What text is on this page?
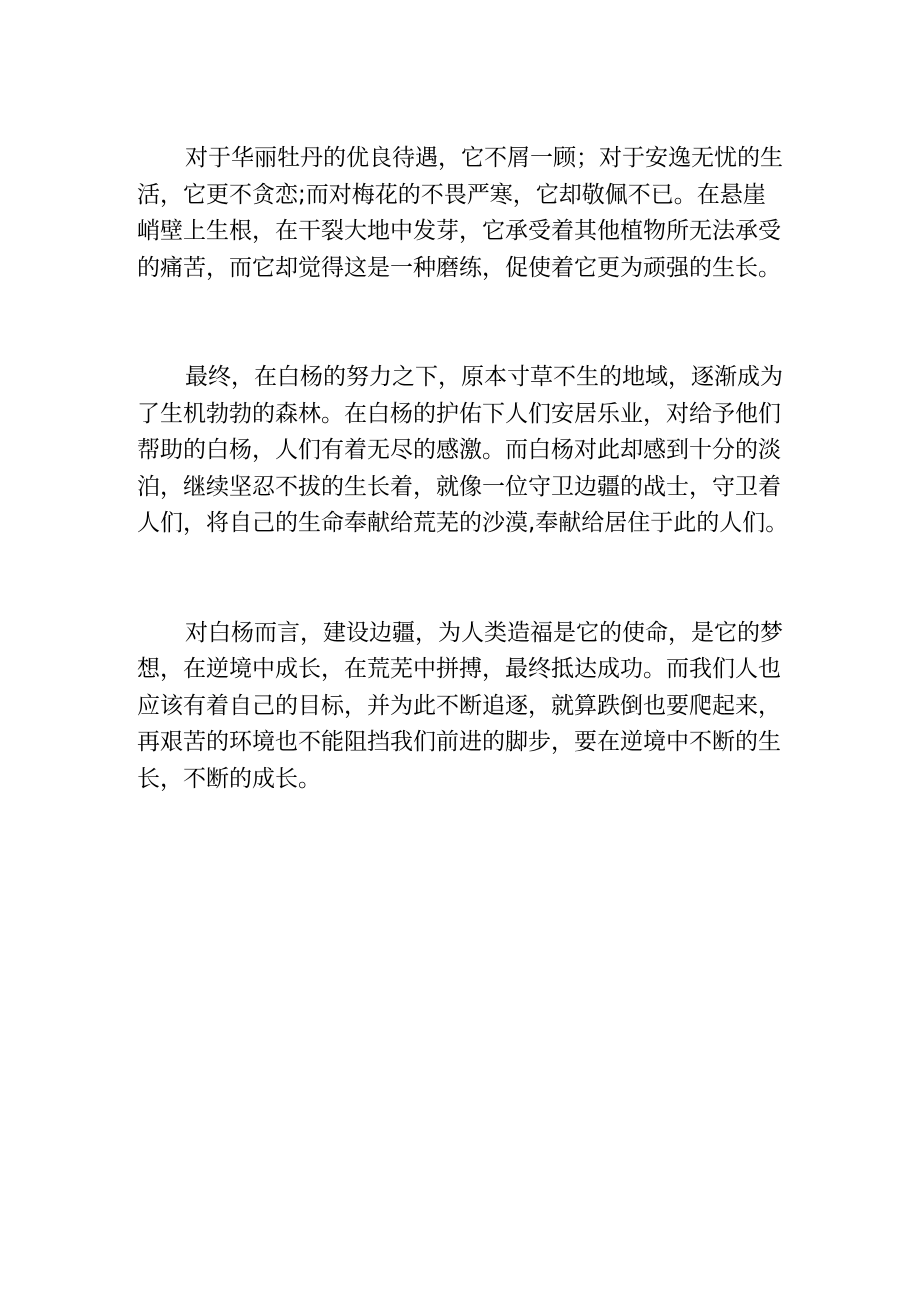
对于华丽牡丹的优良待遇，它不屑一顾；对于安逸无忧的生
活，它更不贪恋;而对梅花的不畏严寒，它却敬佩不已。在悬崖
峭壁上生根，在干裂大地中发芽，它承受着其他植物所无法承受
的痛苦，而它却觉得这是一种磨练，促使着它更为顽强的生长。
最终，在白杨的努力之下，原本寸草不生的地域，逐渐成为
了生机勃勃的森林。在白杨的护佑下人们安居乐业，对给予他们
帮助的白杨，人们有着无尽的感激。而白杨对此却感到十分的淡
泊，继续坚忍不拔的生长着，就像一位守卫边疆的战士，守卫着
人们，将自己的生命奉献给荒芜的沙漠,奉献给居住于此的人们。
对白杨而言，建设边疆，为人类造福是它的使命，是它的梦
想，在逆境中成长，在荒芜中拼搏，最终抵达成功。而我们人也
应该有着自己的目标，并为此不断追逐，就算跌倒也要爬起来，
再艰苦的环境也不能阻挡我们前进的脚步，要在逆境中不断的生
长，不断的成长。
